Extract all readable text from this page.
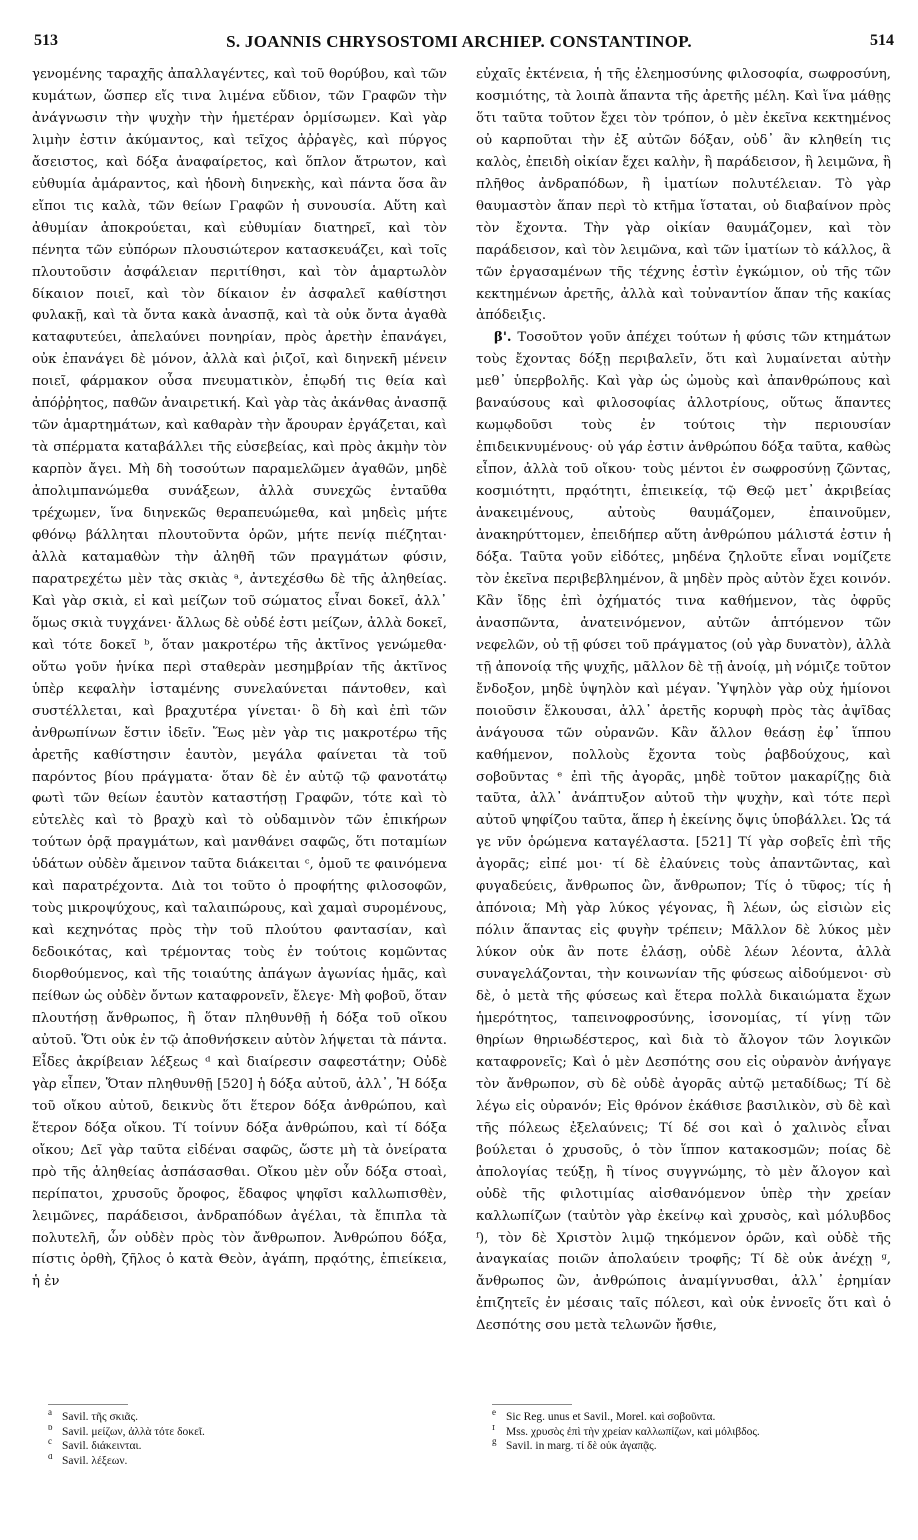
513	S. JOANNIS CHRYSOSTOMI ARCHIEP. CONSTANTINOP.	514

γενομένης ταραχῆς ἀπαλλαγέντες, καὶ τοῦ θορύβου, καὶ τῶν κυμάτων, ὥσπερ εἴς τινα λιμένα εὔδιον, τῶν Γραφῶν τὴν ἀνάγνωσιν τὴν ψυχὴν τὴν ἡμετέραν ὁρμίσωμεν. Καὶ γὰρ λιμὴν ἐστιν ἀκύμαντος, καὶ τεῖχος ἀῤῥαγὲς, καὶ πύργος ἄσειστος, καὶ δόξα ἀναφαίρετος, καὶ ὅπλον ἄτρωτον, καὶ εὐθυμία ἀμάραντος, καὶ ἡδονὴ διηνεκὴς, καὶ πάντα ὅσα ἂν εἴποι τις καλὰ, τῶν θείων Γραφῶν ἡ συνουσία. Αὕτη καὶ ἀθυμίαν ἀποκρούεται, καὶ εὐθυμίαν διατηρεῖ, καὶ τὸν πένητα τῶν εὐπόρων πλουσιώτερον κατασκευάζει, καὶ τοῖς πλουτοῦσιν ἀσφάλειαν περιτίθησι, καὶ τὸν ἁμαρτωλὸν δίκαιον ποιεῖ, καὶ τὸν δίκαιον ἐν ἀσφαλεῖ καθίστησι φυλακῇ, καὶ τὰ ὄντα κακὰ ἀνασπᾷ, καὶ τὰ οὐκ ὄντα ἀγαθὰ καταφυτεύει, ἀπελαύνει πονηρίαν, πρὸς ἀρετὴν ἐπανάγει, οὐκ ἐπανάγει δὲ μόνον, ἀλλὰ καὶ ῥιζοῖ, καὶ διηνεκῆ μένειν ποιεῖ, φάρμακον οὖσα πνευματικὸν, ἐπῳδή τις θεία καὶ ἀπόῤῥητος, παθῶν ἀναιρετική. Καὶ γὰρ τὰς ἀκάνθας ἀνασπᾷ τῶν ἁμαρτημάτων, καὶ καθαρὰν τὴν ἄρουραν ἐργάζεται, καὶ τὰ σπέρματα καταβάλλει τῆς εὐσεβείας, καὶ πρὸς ἀκμὴν τὸν καρπὸν ἄγει. Μὴ δὴ τοσούτων παραμελῶμεν ἀγαθῶν, μηδὲ ἀπολιμπανώμεθα συνάξεων, ἀλλὰ συνεχῶς ἐνταῦθα τρέχωμεν, ἵνα διηνεκῶς θεραπευώμεθα, καὶ μηδεὶς μήτε φθόνῳ βάλληται πλουτοῦντα ὁρῶν, μήτε πενίᾳ πιέζηται· ἀλλὰ καταμαθὼν τὴν ἀληθῆ τῶν πραγμάτων φύσιν, παρατρεχέτω μὲν τὰς σκιὰς ᵃ, ἀντεχέσθω δὲ τῆς ἀληθείας. Καὶ γὰρ σκιὰ, εἰ καὶ μείζων τοῦ σώματος εἶναι δοκεῖ, ἀλλ᾽ ὅμως σκιὰ τυγχάνει· ἄλλως δὲ οὐδέ ἐστι μείζων, ἀλλὰ δοκεῖ, καὶ τότε δοκεῖ ᵇ, ὅταν μακροτέρω τῆς ἀκτῖνος γενώμεθα· οὕτω γοῦν ἡνίκα περὶ σταθερὰν μεσημβρίαν τῆς ἀκτῖνος ὑπὲρ κεφαλὴν ἱσταμένης συνελαύνεται πάντοθεν, καὶ συστέλλεται, καὶ βραχυτέρα γίνεται· ὃ δὴ καὶ ἐπὶ τῶν ἀνθρωπίνων ἔστιν ἰδεῖν. Ἕως μὲν γὰρ τις μακροτέρω τῆς ἀρετῆς καθίστησιν ἑαυτὸν, μεγάλα φαίνεται τὰ τοῦ παρόντος βίου πράγματα· ὅταν δὲ ἐν αὐτῷ τῷ φανοτάτῳ φωτὶ τῶν θείων ἑαυτὸν καταστήσῃ Γραφῶν, τότε καὶ τὸ εὐτελὲς καὶ τὸ βραχὺ καὶ τὸ οὐδαμινὸν τῶν ἐπικήρων τούτων ὁρᾷ πραγμάτων, καὶ μανθάνει σαφῶς, ὅτι ποταμίων ὑδάτων οὐδὲν ἄμεινον ταῦτα διάκειται ᶜ, ὁμοῦ τε φαινόμενα καὶ παρατρέχοντα. Διὰ τοι τοῦτο ὁ προφήτης φιλοσοφῶν, τοὺς μικροψύχους, καὶ ταλαιπώρους, καὶ χαμαὶ συρομένους, καὶ κεχηνότας πρὸς τὴν τοῦ πλούτου φαντασίαν, καὶ δεδοικότας, καὶ τρέμοντας τοὺς ἐν τούτοις κομῶντας διορθούμενος, καὶ τῆς τοιαύτης ἀπάγων ἀγωνίας ἡμᾶς, καὶ πείθων ὡς οὐδὲν ὄντων καταφρονεῖν, ἔλεγε· Μὴ φοβοῦ, ὅταν πλουτήσῃ ἄνθρωπος, ἢ ὅταν πληθυνθῇ ἡ δόξα τοῦ οἴκου αὐτοῦ. Ὅτι οὐκ ἐν τῷ ἀποθνήσκειν αὐτὸν λήψεται τὰ πάντα. Εἶδες ἀκρίβειαν λέξεως ᵈ καὶ διαίρεσιν σαφεστάτην; Οὐδὲ γὰρ εἶπεν, Ὅταν πληθυνθῇ [520] ἡ δόξα αὐτοῦ, ἀλλ᾽, Ἡ δόξα τοῦ οἴκου αὐτοῦ, δεικνὺς ὅτι ἕτερον δόξα ἀνθρώπου, καὶ ἕτερον δόξα οἴκου. Τί τοίνυν δόξα ἀνθρώπου, καὶ τί δόξα οἴκου; Δεῖ γὰρ ταῦτα εἰδέναι σαφῶς, ὥστε μὴ τὰ ὀνείρατα πρὸ τῆς ἀληθείας ἀσπάσασθαι. Οἴκου μὲν οὖν δόξα στοαὶ, περίπατοι, χρυσοῦς ὄροφος, ἔδαφος ψηφῖσι καλλωπισθὲν, λειμῶνες, παράδεισοι, ἀνδραπόδων ἀγέλαι, τὰ ἔπιπλα τὰ πολυτελῆ, ὧν οὐδὲν πρὸς τὸν ἄνθρωπον. Ἀνθρώπου δόξα, πίστις ὀρθὴ, ζῆλος ὁ κατὰ Θεὸν, ἀγάπη, πρᾳότης, ἐπιείκεια, ἡ ἐν

εὐχαῖς ἐκτένεια, ἡ τῆς ἐλεημοσύνης φιλοσοφία, σωφροσύνη, κοσμιότης, τὰ λοιπὰ ἅπαντα τῆς ἀρετῆς μέλη. Καὶ ἵνα μάθῃς ὅτι ταῦτα τοῦτον ἔχει τὸν τρόπον, ὁ μὲν ἐκεῖνα κεκτημένος οὐ καρποῦται τὴν ἐξ αὐτῶν δόξαν, οὐδ᾽ ἂν κληθείη τις καλὸς, ἐπειδὴ οἰκίαν ἔχει καλὴν, ἢ παράδεισον, ἢ λειμῶνα, ἢ πλῆθος ἀνδραπόδων, ἢ ἱματίων πολυτέλειαν. Τὸ γὰρ θαυμαστὸν ἅπαν περὶ τὸ κτῆμα ἵσταται, οὐ διαβαίνον πρὸς τὸν ἔχοντα. Τὴν γὰρ οἰκίαν θαυμάζομεν, καὶ τὸν παράδεισον, καὶ τὸν λειμῶνα, καὶ τῶν ἱματίων τὸ κάλλος, ἃ τῶν ἐργασαμένων τῆς τέχνης ἐστὶν ἐγκώμιον, οὐ τῆς τῶν κεκτημένων ἀρετῆς, ἀλλὰ καὶ τοὐναντίον ἅπαν τῆς κακίας ἀπόδειξις.

β'. Τοσοῦτον γοῦν ἀπέχει τούτων ἡ φύσις τῶν κτημάτων τοὺς ἔχοντας δόξῃ περιβαλεῖν, ὅτι καὶ λυμαίνεται αὐτὴν μεθ᾽ ὑπερβολῆς. Καὶ γὰρ ὡς ὠμοὺς καὶ ἀπανθρώπους καὶ βαναύσους καὶ φιλοσοφίας ἀλλοτρίους, οὕτως ἅπαντες κωμῳδοῦσι τοὺς ἐν τούτοις τὴν περιουσίαν ἐπιδεικνυμένους· οὐ γάρ ἐστιν ἀνθρώπου δόξα ταῦτα, καθὼς εἶπον, ἀλλὰ τοῦ οἴκου· τοὺς μέντοι ἐν σωφροσύνῃ ζῶντας, κοσμιότητι, πρᾳότητι, ἐπιεικείᾳ, τῷ Θεῷ μετ᾽ ἀκριβείας ἀνακειμένους, αὐτοὺς θαυμάζομεν, ἐπαινοῦμεν, ἀνακηρύττομεν, ἐπειδήπερ αὕτη ἀνθρώπου μάλιστά ἐστιν ἡ δόξα. Ταῦτα γοῦν εἰδότες, μηδένα ζηλοῦτε εἶναι νομίζετε τὸν ἐκεῖνα περιβεβλημένον, ἃ μηδὲν πρὸς αὐτὸν ἔχει κοινόν. Κἂν ἴδῃς ἐπὶ ὀχήματός τινα καθήμενον, τὰς ὀφρῦς ἀνασπῶντα, ἀνατεινόμενον, αὐτῶν ἁπτόμενον τῶν νεφελῶν, οὐ τῇ φύσει τοῦ πράγματος (οὐ γὰρ δυνατὸν), ἀλλὰ τῇ ἀπονοίᾳ τῆς ψυχῆς, μᾶλλον δὲ τῇ ἀνοίᾳ, μὴ νόμιζε τοῦτον ἔνδοξον, μηδὲ ὑψηλὸν καὶ μέγαν. Ὑψηλὸν γὰρ οὐχ ἡμίονοι ποιοῦσιν ἕλκουσαι, ἀλλ᾽ ἀρετῆς κορυφὴ πρὸς τὰς ἀψῖδας ἀνάγουσα τῶν οὐρανῶν. Κἂν ἄλλον θεάσῃ ἐφ᾽ ἵππου καθήμενον, πολλοὺς ἔχοντα τοὺς ῥαβδούχους, καὶ σοβοῦντας ᵉ ἐπὶ τῆς ἀγορᾶς, μηδὲ τοῦτον μακαρίζῃς διὰ ταῦτα, ἀλλ᾽ ἀνάπτυξον αὐτοῦ τὴν ψυχὴν, καὶ τότε περὶ αὐτοῦ ψηφίζου ταῦτα, ἅπερ ἡ ἐκείνης ὄψις ὑποβάλλει. Ὡς τά γε νῦν ὁρώμενα καταγέλαστα. [521] Τί γὰρ σοβεῖς ἐπὶ τῆς ἀγορᾶς; εἰπέ μοι· τί δὲ ἐλαύνεις τοὺς ἀπαντῶντας, καὶ φυγαδεύεις, ἄνθρωπος ὢν, ἄνθρωπον; Τίς ὁ τῦφος; τίς ἡ ἀπόνοια; Μὴ γὰρ λύκος γέγονας, ἢ λέων, ὡς εἰσιὼν εἰς πόλιν ἅπαντας εἰς φυγὴν τρέπειν; Μᾶλλον δὲ λύκος μὲν λύκον οὐκ ἂν ποτε ἐλάσῃ, οὐδὲ λέων λέοντα, ἀλλὰ συναγελάζονται, τὴν κοινωνίαν τῆς φύσεως αἰδούμενοι· σὺ δὲ, ὁ μετὰ τῆς φύσεως καὶ ἕτερα πολλὰ δικαιώματα ἔχων ἡμερότητος, ταπεινοφροσύνης, ἰσονομίας, τί γίνῃ τῶν θηρίων θηριωδέστερος, καὶ διὰ τὸ ἄλογον τῶν λογικῶν καταφρονεῖς; Καὶ ὁ μὲν Δεσπότης σου εἰς οὐρανὸν ἀνήγαγε τὸν ἄνθρωπον, σὺ δὲ οὐδὲ ἀγορᾶς αὐτῷ μεταδίδως; Τί δὲ λέγω εἰς οὐρανόν; Εἰς θρόνον ἐκάθισε βασιλικὸν, σὺ δὲ καὶ τῆς πόλεως ἐξελαύνεις; Τί δέ σοι καὶ ὁ χαλινὸς εἶναι βούλεται ὁ χρυσοῦς, ὁ τὸν ἵππον κατακοσμῶν; ποίας δὲ ἀπολογίας τεύξῃ, ἢ τίνος συγγνώμης, τὸ μὲν ἄλογον καὶ οὐδὲ τῆς φιλοτιμίας αἰσθανόμενον ὑπὲρ τὴν χρείαν καλλωπίζων (ταὐτὸν γὰρ ἐκείνῳ καὶ χρυσὸς, καὶ μόλυβδος ᶠ), τὸν δὲ Χριστὸν λιμῷ τηκόμενον ὁρῶν, καὶ οὐδὲ τῆς ἀναγκαίας ποιῶν ἀπολαύειν τροφῆς; Τί δὲ οὐκ ἀνέχῃ ᵍ, ἄνθρωπος ὢν, ἀνθρώποις ἀναμίγνυσθαι, ἀλλ᾽ ἐρημίαν ἐπιζητεῖς ἐν μέσαις ταῖς πόλεσι, καὶ οὐκ ἐννοεῖς ὅτι καὶ ὁ Δεσπότης σου μετὰ τελωνῶν ἤσθιε,

a Savil. τῆς σκιᾶς.
b Savil. μείζων, ἀλλὰ τότε δοκεῖ.
c Savil. διάκεινται.
d Savil. λέξεων.
e Sic Reg. unus et Savil., Morel. καὶ σοβοῦντα.
f Mss. χρυσὸς ἐπὶ τὴν χρείαν καλλωπίζων, καὶ μόλιβδος.
g Savil. in marg. τί δὲ οὐκ ἀγαπᾷς.
